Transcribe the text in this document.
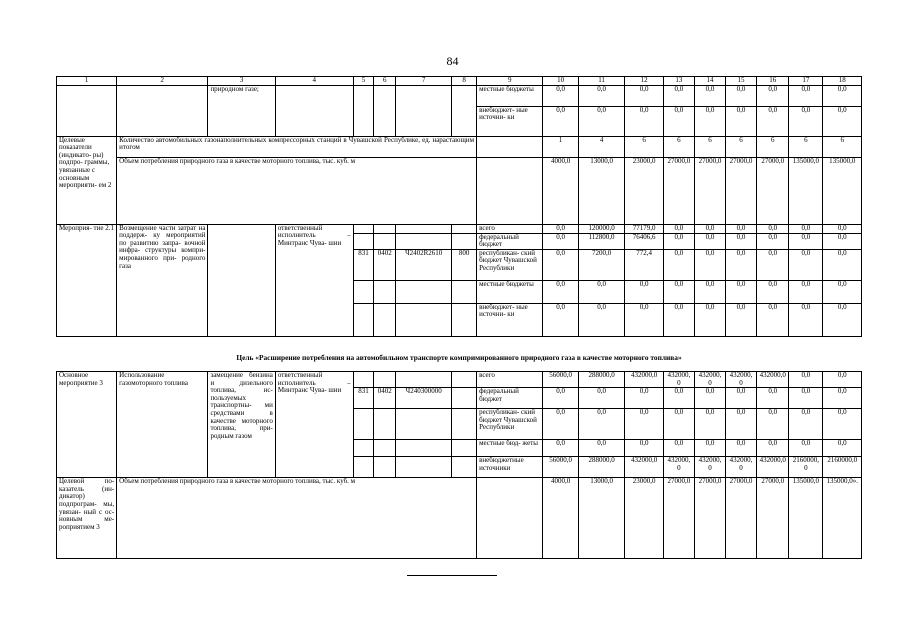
84
1	2	3	4	5	6	7	8	9	10	11	12	13	14	15	16	17	18
		природном газе;						местные бюджеты	0,0	0,0	0,0	0,0	0,0	0,0	0,0	0,0	0,0
								внебюджет- ные источни- ки	0,0	0,0	0,0	0,0	0,0	0,0	0,0	0,0	0,0
Целевые показатели (индикато- ры) подпро- граммы, увязанные с основным мероприяти- ем 2	Количество автомобильных газонаполнительных компрессорных станций в Чувашской Республике, ед. нарастающим итогом								1	4	6	6	6	6	6	6	6
	Объем потребления природного газа в качестве моторного топлива, тыс. куб. м								4000,0	13000,0	23000,0	27000,0	27000,0	27000,0	27000,0	135000,0	135000,0
Мероприя- тие 2.1	Возмещение части затрат на поддерж- ку мероприятий по развитию запра- вочной инфра- структуры компри- мированного при- родного газа		ответственный исполнитель – Минтранс Чува- шии					всего	0,0	120000,0	77179,0	0,0	0,0	0,0	0,0	0,0	0,0
								федеральный бюджет	0,0	112800,0	76406,6	0,0	0,0	0,0	0,0	0,0	0,0
				831	0402	Ч2402R2610	800	республикан- ский бюджет Чувашской Республики	0,0	7200,0	772,4	0,0	0,0	0,0	0,0	0,0	0,0
								местные бюджеты	0,0	0,0	0,0	0,0	0,0	0,0	0,0	0,0	0,0
								внебюджет- ные источни- ки	0,0	0,0	0,0	0,0	0,0	0,0	0,0	0,0	0,0
Цель «Расширение потребления на автомобильном транспорте компримированного природного газа в качестве моторного топлива»
Основное мероприятие 3	Использование газомоторного топлива	замещение бензина и дизельного топлива, ис- пользуемых транспортны- ми средствами в качестве моторного топлива, при- родным газом	ответственный исполнитель – Минтранс Чува- шии					всего	56000,0	288000,0	432000,0	432000,0	432000,0	432000,0	432000,0	0,0	0,0
				831	0402	Ч240300000		федеральный бюджет	0,0	0,0	0,0	0,0	0,0	0,0	0,0	0,0	0,0
								республикан- ский бюджет Чувашской Республики	0,0	0,0	0,0	0,0	0,0	0,0	0,0	0,0	0,0
								местные бюд- жеты	0,0	0,0	0,0	0,0	0,0	0,0	0,0	0,0	0,0
								внебюджетные источники	56000,0	288000,0	432000,0	432000,0	432000,0	432000,0	432000,0	2160000,0	2160000,0
Целевой по- казатель (ин- дикатор) подпрограм- мы, увязан- ный с ос- новным ме- роприятием 3	Объем потребления природного газа в качестве моторного топлива, тыс. куб. м								4000,0	13000,0	23000,0	27000,0	27000,0	27000,0	27000,0	135000,0	135000,0».
